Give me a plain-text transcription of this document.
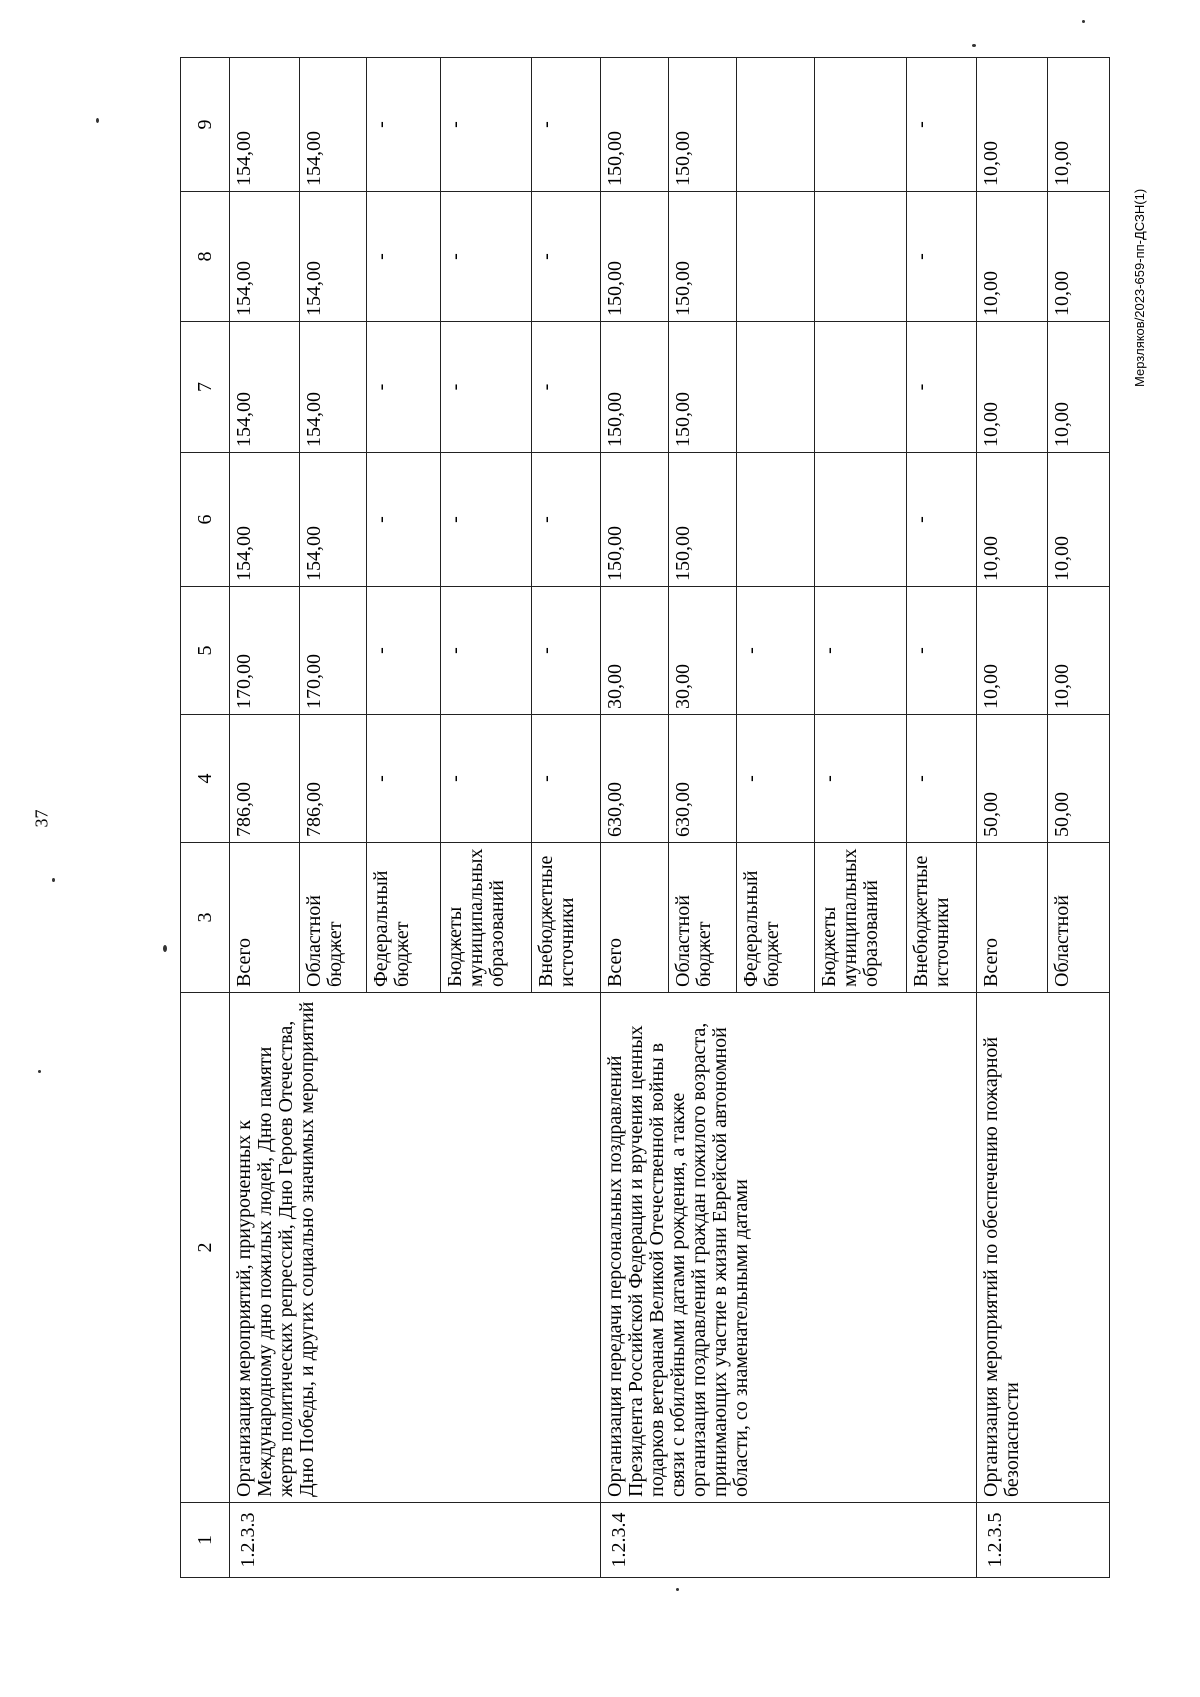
37
Мерзляков/2023-659-пп-ДСЗН(1)
1	2	3	4	5	6	7	8	9
1.2.3.3	Организация мероприятий, приуроченных к Международному дню пожилых людей, Дню памяти жертв политических репрессий, Дню Героев Отечества, Дню Победы, и других социально значимых мероприятий	Всего	786,00	170,00	154,00	154,00	154,00	154,00
		Областной бюджет	786,00	170,00	154,00	154,00	154,00	154,00
		Федеральный бюджет	-	-	-	-	-	-
		Бюджеты муниципальных образований	-	-	-	-	-	-
		Внебюджетные источники	-	-	-	-	-	-
1.2.3.4	Организация передачи персональных поздравлений Президента Российской Федерации и вручения ценных подарков ветеранам Великой Отечественной войны в связи с юбилейными датами рождения, а также организация поздравлений граждан пожилого возраста, принимающих участие в жизни Еврейской автономной области, со знаменательными датами	Всего	630,00	30,00	150,00	150,00	150,00	150,00
		Областной бюджет	630,00	30,00	150,00	150,00	150,00	150,00
		Федеральный бюджет	-	-				
		Бюджеты муниципальных образований	-	-				
		Внебюджетные источники	-	-	-	-	-	-
1.2.3.5	Организация мероприятий по обеспечению пожарной безопасности	Всего	50,00	10,00	10,00	10,00	10,00	10,00
		Областной	50,00	10,00	10,00	10,00	10,00	10,00
